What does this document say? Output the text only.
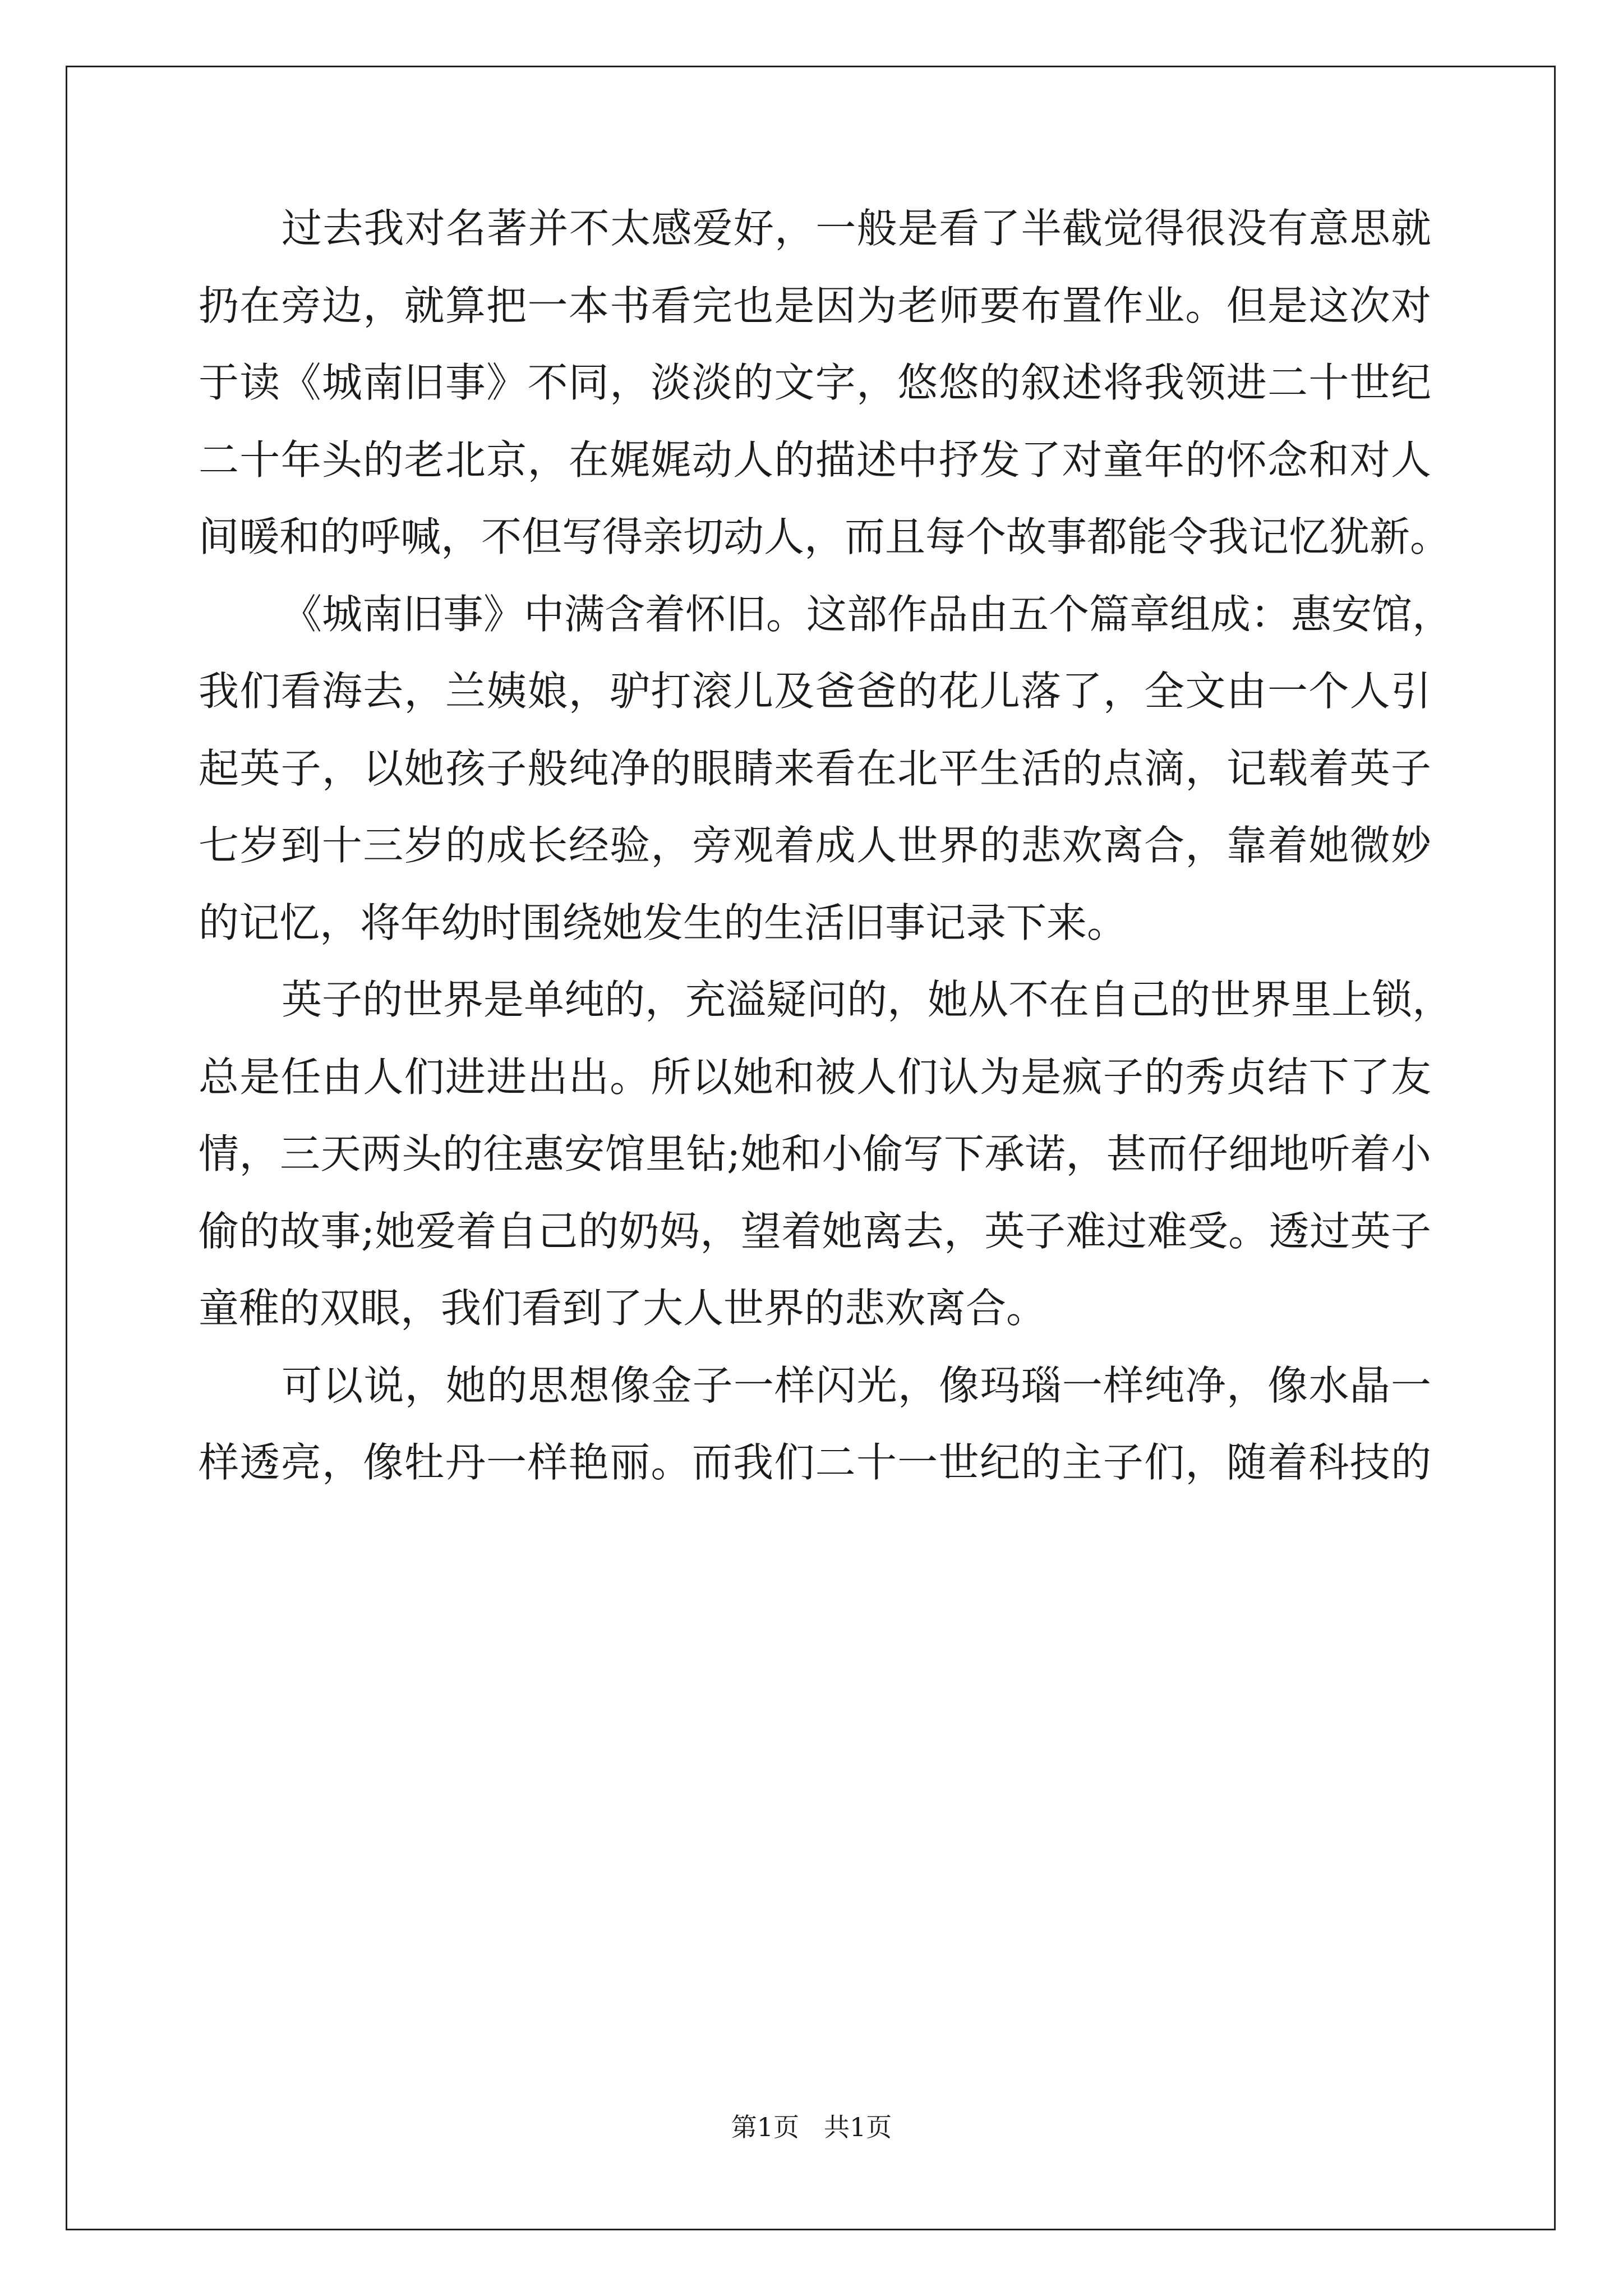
过去我对名著并不太感爱好，一般是看了半截觉得很没有意思就
扔在旁边，就算把一本书看完也是因为老师要布置作业。但是这次对
于读《城南旧事》不同，淡淡的文字，悠悠的叙述将我领进二十世纪
二十年头的老北京，在娓娓动人的描述中抒发了对童年的怀念和对人
间暖和的呼喊，不但写得亲切动人，而且每个故事都能令我记忆犹新。
《城南旧事》中满含着怀旧。这部作品由五个篇章组成：惠安馆，
我们看海去，兰姨娘，驴打滚儿及爸爸的花儿落了，全文由一个人引
起英子，以她孩子般纯净的眼睛来看在北平生活的点滴，记载着英子
七岁到十三岁的成长经验，旁观着成人世界的悲欢离合，靠着她微妙
的记忆，将年幼时围绕她发生的生活旧事记录下来。
英子的世界是单纯的，充溢疑问的，她从不在自己的世界里上锁，
总是任由人们进进出出。所以她和被人们认为是疯子的秀贞结下了友
情，三天两头的往惠安馆里钻;她和小偷写下承诺，甚而仔细地听着小
偷的故事;她爱着自己的奶妈，望着她离去，英子难过难受。透过英子
童稚的双眼，我们看到了大人世界的悲欢离合。
可以说，她的思想像金子一样闪光，像玛瑙一样纯净，像水晶一
样透亮，像牡丹一样艳丽。而我们二十一世纪的主子们，随着科技的
第1页 共1页
